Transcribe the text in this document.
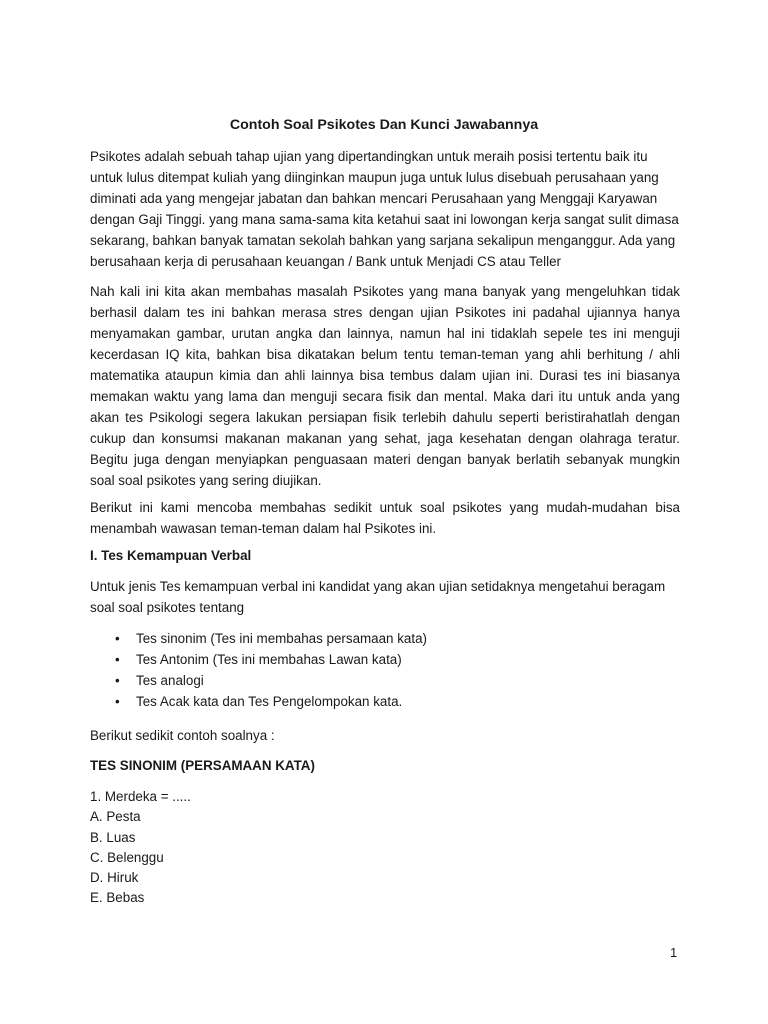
Contoh Soal Psikotes Dan Kunci Jawabannya

Psikotes adalah sebuah tahap ujian yang dipertandingkan untuk meraih posisi tertentu baik itu untuk lulus ditempat kuliah yang diinginkan maupun juga untuk lulus disebuah perusahaan yang diminati ada yang mengejar jabatan dan bahkan mencari Perusahaan yang Menggaji Karyawan dengan Gaji Tinggi. yang mana sama-sama kita ketahui saat ini lowongan kerja sangat sulit dimasa sekarang, bahkan banyak tamatan sekolah bahkan yang sarjana sekalipun menganggur. Ada yang berusahaan kerja di perusahaan keuangan / Bank untuk Menjadi CS atau Teller

Nah kali ini kita akan membahas masalah Psikotes yang mana banyak yang mengeluhkan tidak berhasil dalam tes ini bahkan merasa stres dengan ujian Psikotes ini padahal ujiannya hanya menyamakan gambar, urutan angka dan lainnya, namun hal ini tidaklah sepele tes ini menguji kecerdasan IQ kita, bahkan bisa dikatakan belum tentu teman-teman yang ahli berhitung / ahli matematika ataupun kimia dan ahli lainnya bisa tembus dalam ujian ini. Durasi tes ini biasanya memakan waktu yang lama dan menguji secara fisik dan mental. Maka dari itu untuk anda yang akan tes Psikologi segera lakukan persiapan fisik terlebih dahulu seperti beristirahatlah dengan cukup dan konsumsi makanan makanan yang sehat, jaga kesehatan dengan olahraga teratur. Begitu juga dengan menyiapkan penguasaan materi dengan banyak berlatih sebanyak mungkin soal soal psikotes yang sering diujikan.

Berikut ini kami mencoba membahas sedikit untuk soal psikotes yang mudah-mudahan bisa menambah wawasan teman-teman dalam hal Psikotes ini.

I. Tes Kemampuan Verbal

Untuk jenis Tes kemampuan verbal ini kandidat yang akan ujian setidaknya mengetahui beragam soal soal psikotes tentang

• Tes sinonim (Tes ini membahas persamaan kata)
• Tes Antonim (Tes ini membahas Lawan kata)
• Tes analogi
• Tes Acak kata dan Tes Pengelompokan kata.

Berikut sedikit contoh soalnya :

TES SINONIM (PERSAMAAN KATA)
1. Merdeka = .....
A. Pesta
B. Luas
C. Belenggu
D. Hiruk
E. Bebas
1
